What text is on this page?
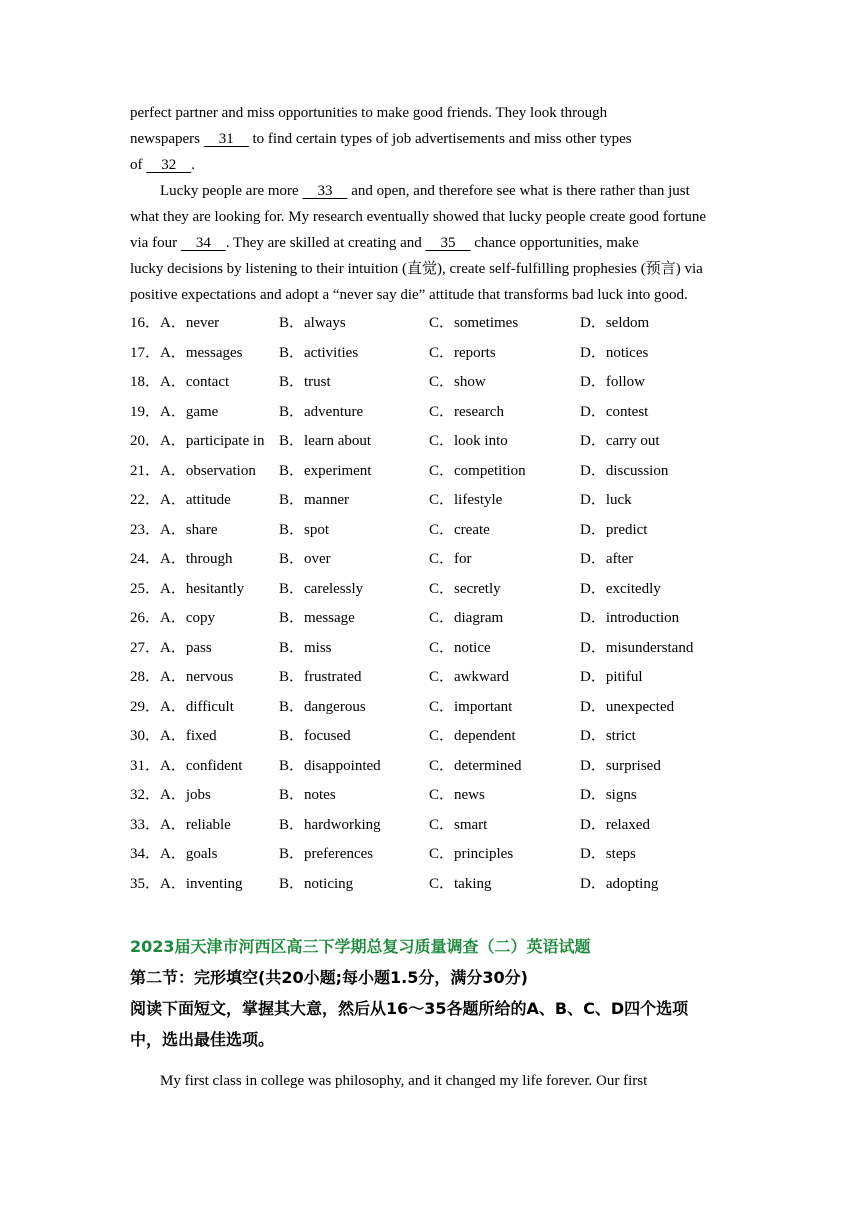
perfect partner and miss opportunities to make good friends. They look through
newspapers     31     to find certain types of job advertisements and miss other types
of     32    .
Lucky people are more     33     and open, and therefore see what is there rather than just
what they are looking for. My research eventually showed that lucky people create good fortune
via four     34    . They are skilled at creating and     35     chance opportunities, make
lucky decisions by listening to their intuition (直觉), create self-fulfilling prophesies (预言) via
positive expectations and adopt a “never say die” attitude that transforms bad luck into good.
16． A．never	B．always	C．sometimes	D．seldom
17． A．messages B．activities	C．reports	D．notices
18． A．contact	B．trust	C．show	D．follow
19． A．game	B．adventure	C．research	D．contest
20． A．participate in B．learn about	C．look into	D．carry out
21． A．observation B．experiment	C．competition	D．discussion
22． A．attitude	B．manner	C．lifestyle	D．luck
23． A．share	B．spot	C．create	D．predict
24． A．through	B．over	C．for	D．after
25． A．hesitantly B．carelessly	C．secretly	D．excitedly
26． A．copy	B．message	C．diagram	D．introduction
27． A．pass	B．miss	C．notice	D．misunderstand
28． A．nervous	B．frustrated	C．awkward	D．pitiful
29． A．difficult	B．dangerous	C．important	D．unexpected
30． A．fixed	B．focused	C．dependent	D．strict
31． A．confident B．disappointed	C．determined	D．surprised
32． A．jobs	B．notes	C．news	D．signs
33． A．reliable	B．hardworking	C．smart	D．relaxed
34． A．goals	B．preferences	C．principles	D．steps
35． A．inventing B．noticing	C．taking	D．adopting
2023届天津市河西区高三下学期总复习质量调查（二）英语试题
第二节：完形填空(共20小题;每小题1.5分，满分30分)
阅读下面短文，掌握其大意，然后从16～35各题所给的A、B、C、D四个选项
中，选出最佳选项。
My first class in college was philosophy, and it changed my life forever. Our first
